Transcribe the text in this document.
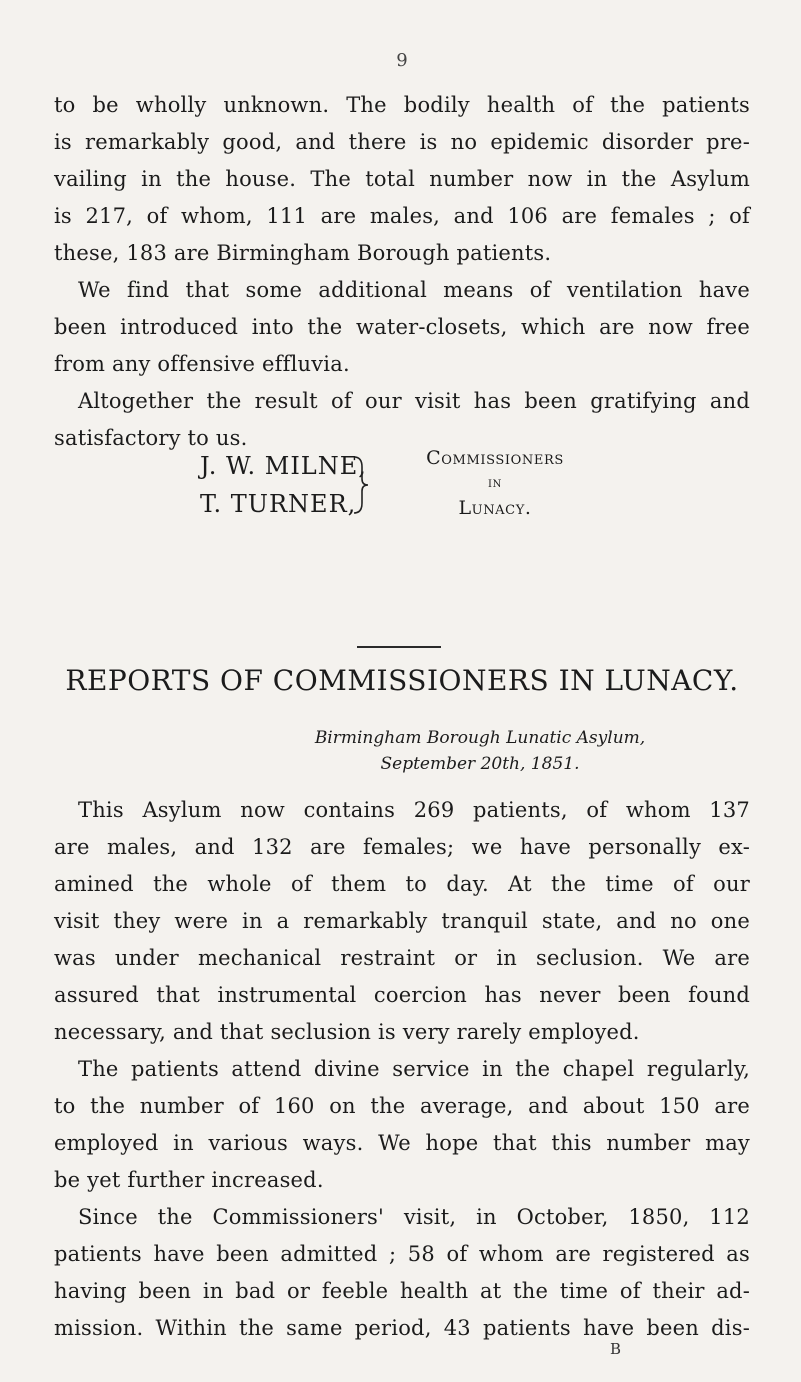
9
to be wholly unknown. The bodily health of the patients
is remarkably good, and there is no epidemic disorder pre-
vailing in the house. The total number now in the Asylum
is 217, of whom, 111 are males, and 106 are females ; of
these, 183 are Birmingham Borough patients.
We find that some additional means of ventilation have
been introduced into the water-closets, which are now free
from any offensive effluvia.
Altogether the result of our visit has been gratifying and
satisfactory to us.
J. W. MILNE,
T. TURNER,
Commissioners
in
Lunacy.
REPORTS OF COMMISSIONERS IN LUNACY.
Birmingham Borough Lunatic Asylum,
September 20th, 1851.
This Asylum now contains 269 patients, of whom 137
are males, and 132 are females; we have personally ex-
amined the whole of them to day. At the time of our
visit they were in a remarkably tranquil state, and no one
was under mechanical restraint or in seclusion. We are
assured that instrumental coercion has never been found
necessary, and that seclusion is very rarely employed.
The patients attend divine service in the chapel regularly,
to the number of 160 on the average, and about 150 are
employed in various ways. We hope that this number may
be yet further increased.
Since the Commissioners' visit, in October, 1850, 112
patients have been admitted ; 58 of whom are registered as
having been in bad or feeble health at the time of their ad-
mission. Within the same period, 43 patients have been dis-
B
